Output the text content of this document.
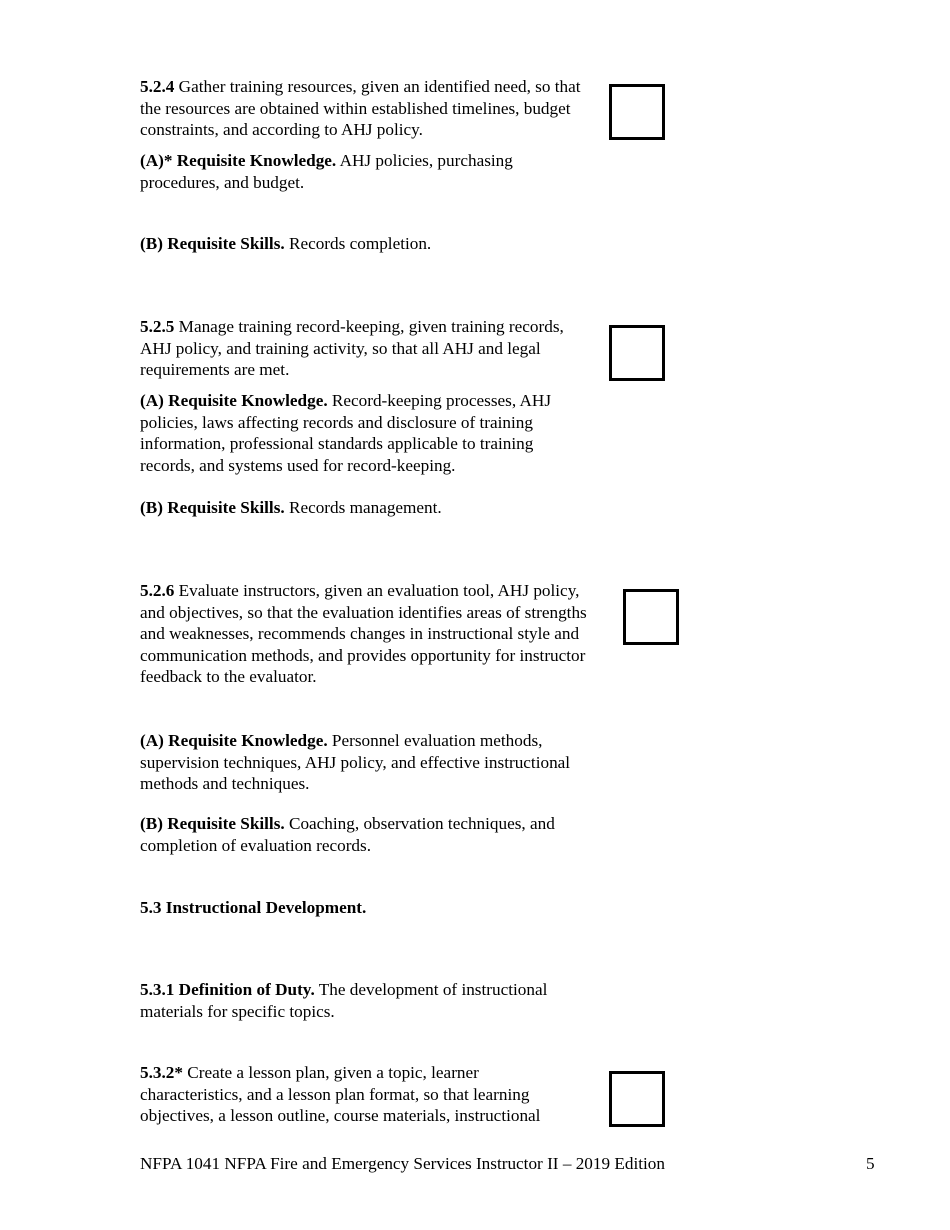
5.2.4 Gather training resources, given an identified need, so that the resources are obtained within established timelines, budget constraints, and according to AHJ policy.

(A)* Requisite Knowledge. AHJ policies, purchasing procedures, and budget.

(B) Requisite Skills. Records completion.

5.2.5 Manage training record-keeping, given training records, AHJ policy, and training activity, so that all AHJ and legal requirements are met.

(A) Requisite Knowledge. Record-keeping processes, AHJ policies, laws affecting records and disclosure of training information, professional standards applicable to training records, and systems used for record-keeping.

(B) Requisite Skills. Records management.

5.2.6 Evaluate instructors, given an evaluation tool, AHJ policy, and objectives, so that the evaluation identifies areas of strengths and weaknesses, recommends changes in instructional style and communication methods, and provides opportunity for instructor feedback to the evaluator.

(A) Requisite Knowledge. Personnel evaluation methods, supervision techniques, AHJ policy, and effective instructional methods and techniques.

(B) Requisite Skills. Coaching, observation techniques, and completion of evaluation records.

5.3 Instructional Development.

5.3.1 Definition of Duty. The development of instructional materials for specific topics.

5.3.2* Create a lesson plan, given a topic, learner characteristics, and a lesson plan format, so that learning objectives, a lesson outline, course materials, instructional

NFPA 1041 NFPA Fire and Emergency Services Instructor II – 2019 Edition	5
